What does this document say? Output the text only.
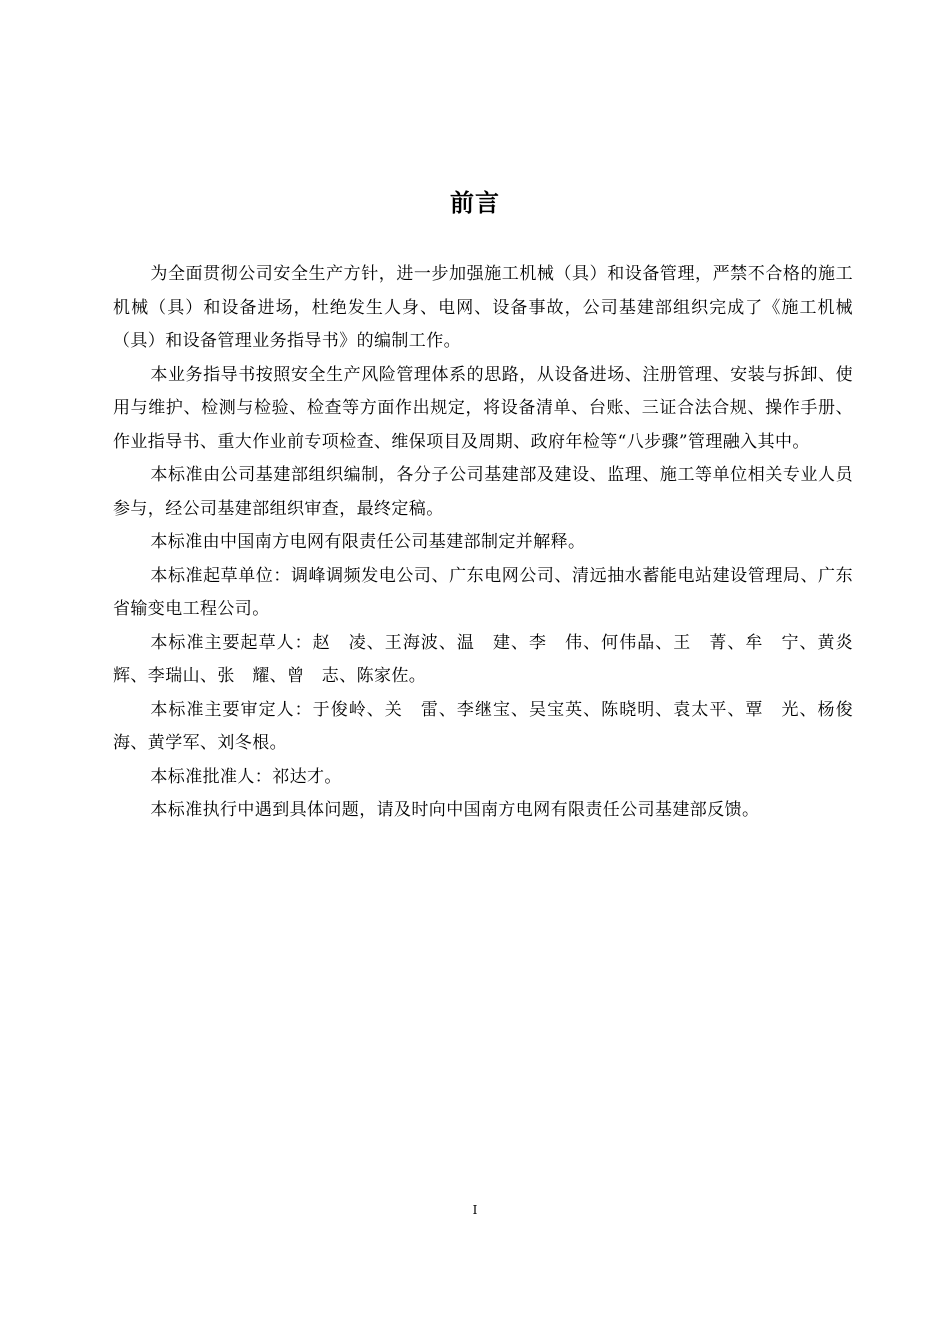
前言

为全面贯彻公司安全生产方针，进一步加强施工机械（具）和设备管理，严禁不合格的施工机械（具）和设备进场，杜绝发生人身、电网、设备事故，公司基建部组织完成了《施工机械（具）和设备管理业务指导书》的编制工作。

本业务指导书按照安全生产风险管理体系的思路，从设备进场、注册管理、安装与拆卸、使用与维护、检测与检验、检查等方面作出规定，将设备清单、台账、三证合法合规、操作手册、作业指导书、重大作业前专项检查、维保项目及周期、政府年检等“八步骤”管理融入其中。

本标准由公司基建部组织编制，各分子公司基建部及建设、监理、施工等单位相关专业人员参与，经公司基建部组织审查，最终定稿。

本标准由中国南方电网有限责任公司基建部制定并解释。

本标准起草单位：调峰调频发电公司、广东电网公司、清远抽水蓄能电站建设管理局、广东省输变电工程公司。

本标准主要起草人：赵　凌、王海波、温　建、李　伟、何伟晶、王　菁、牟　宁、黄炎辉、李瑞山、张　耀、曾　志、陈家佐。

本标准主要审定人：于俊岭、关　雷、李继宝、吴宝英、陈晓明、袁太平、覃　光、杨俊海、黄学军、刘冬根。

本标准批准人：祁达才。

本标准执行中遇到具体问题，请及时向中国南方电网有限责任公司基建部反馈。

I
